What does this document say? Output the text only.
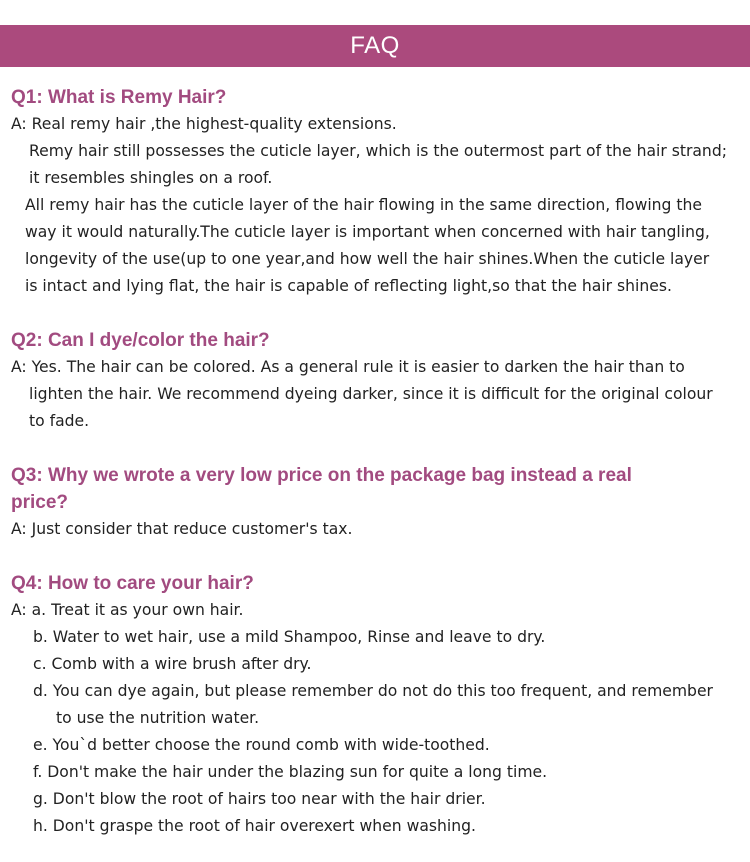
FAQ
Q1: What is Remy Hair?
A: Real remy hair ,the highest-quality extensions.
Remy hair still possesses the cuticle layer, which is the outermost part of the hair strand;
it resembles shingles on a roof.
All remy hair has the cuticle layer of the hair flowing in the same direction, flowing the
way it would naturally.The cuticle layer is important when concerned with hair tangling,
longevity of the use(up to one year,and how well the hair shines.When the cuticle layer
is intact and lying flat, the hair is capable of reflecting light,so that the hair shines.
Q2: Can I dye/color the hair?
A: Yes. The hair can be colored. As a general rule it is easier to darken the hair than to
lighten the hair. We recommend dyeing darker, since it is difficult for the original colour
to fade.
Q3: Why we wrote a very low price on the package bag instead a real
price?
A: Just consider that reduce customer's tax.
Q4: How to care your hair?
A: a. Treat it as your own hair.
b. Water to wet hair, use a mild Shampoo, Rinse and leave to dry.
c. Comb with a wire brush after dry.
d. You can dye again, but please remember do not do this too frequent, and remember
to use the nutrition water.
e. You`d better choose the round comb with wide-toothed.
f. Don't make the hair under the blazing sun for quite a long time.
g. Don't blow the root of hairs too near with the hair drier.
h. Don't graspe the root of hair overexert when washing.
